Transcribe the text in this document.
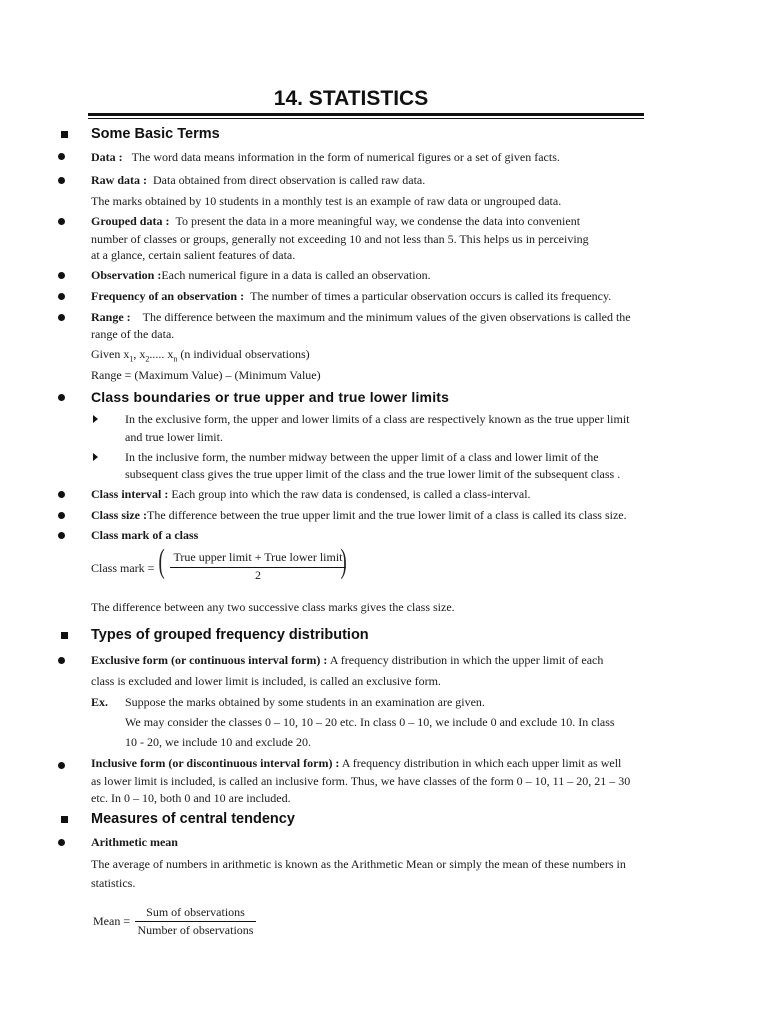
14. STATISTICS
Some Basic Terms
Data : The word data means information in the form of numerical figures or a set of given facts.
Raw data : Data obtained from direct observation is called raw data.
The marks obtained by 10 students in a monthly test is an example of raw data or ungrouped data.
Grouped data : To present the data in a more meaningful way, we condense the data into convenient
number of classes or groups, generally not exceeding 10 and not less than 5. This helps us in perceiving
at a glance, certain salient features of data.
Observation :Each numerical figure in a data is called an observation.
Frequency of an observation : The number of times a particular observation occurs is called its frequency.
Range : The difference between the maximum and the minimum values of the given observations is called the
range of the data.
Given $x_1$, $x_2$..... $x_n$ (n individual observations)
Range = (Maximum Value) – (Minimum Value)
Class boundaries or true upper and true lower limits
In the exclusive form, the upper and lower limits of a class are respectively known as the true upper limit
and true lower limit.
In the inclusive form, the number midway between the upper limit of a class and lower limit of the
subsequent class gives the true upper limit of the class and the true lower limit of the subsequent class .
Class interval : Each group into which the raw data is condensed, is called a class-interval.
Class size :The difference between the true upper limit and the true lower limit of a class is called its class size.
Class mark of a class
Class mark = ( True upper limit + True lower limit
2	)
The difference between any two successive class marks gives the class size.
Types of grouped frequency distribution
Exclusive form (or continuous interval form) : A frequency distribution in which the upper limit of each
class is excluded and lower limit is included, is called an exclusive form.
Ex. Suppose the marks obtained by some students in an examination are given.
We may consider the classes 0 – 10, 10 – 20 etc. In class 0 – 10, we include 0 and exclude 10. In class
10 - 20, we include 10 and exclude 20.
Inclusive form (or discontinuous interval form) : A frequency distribution in which each upper limit as well
as lower limit is included, is called an inclusive form. Thus, we have classes of the form 0 – 10, 11 – 20, 21 – 30
etc. In 0 – 10, both 0 and 10 are included.
Measures of central tendency
Arithmetic mean
The average of numbers in arithmetic is known as the Arithmetic Mean or simply the mean of these numbers in
statistics.
Mean =
Sum of observations
Number of observations
